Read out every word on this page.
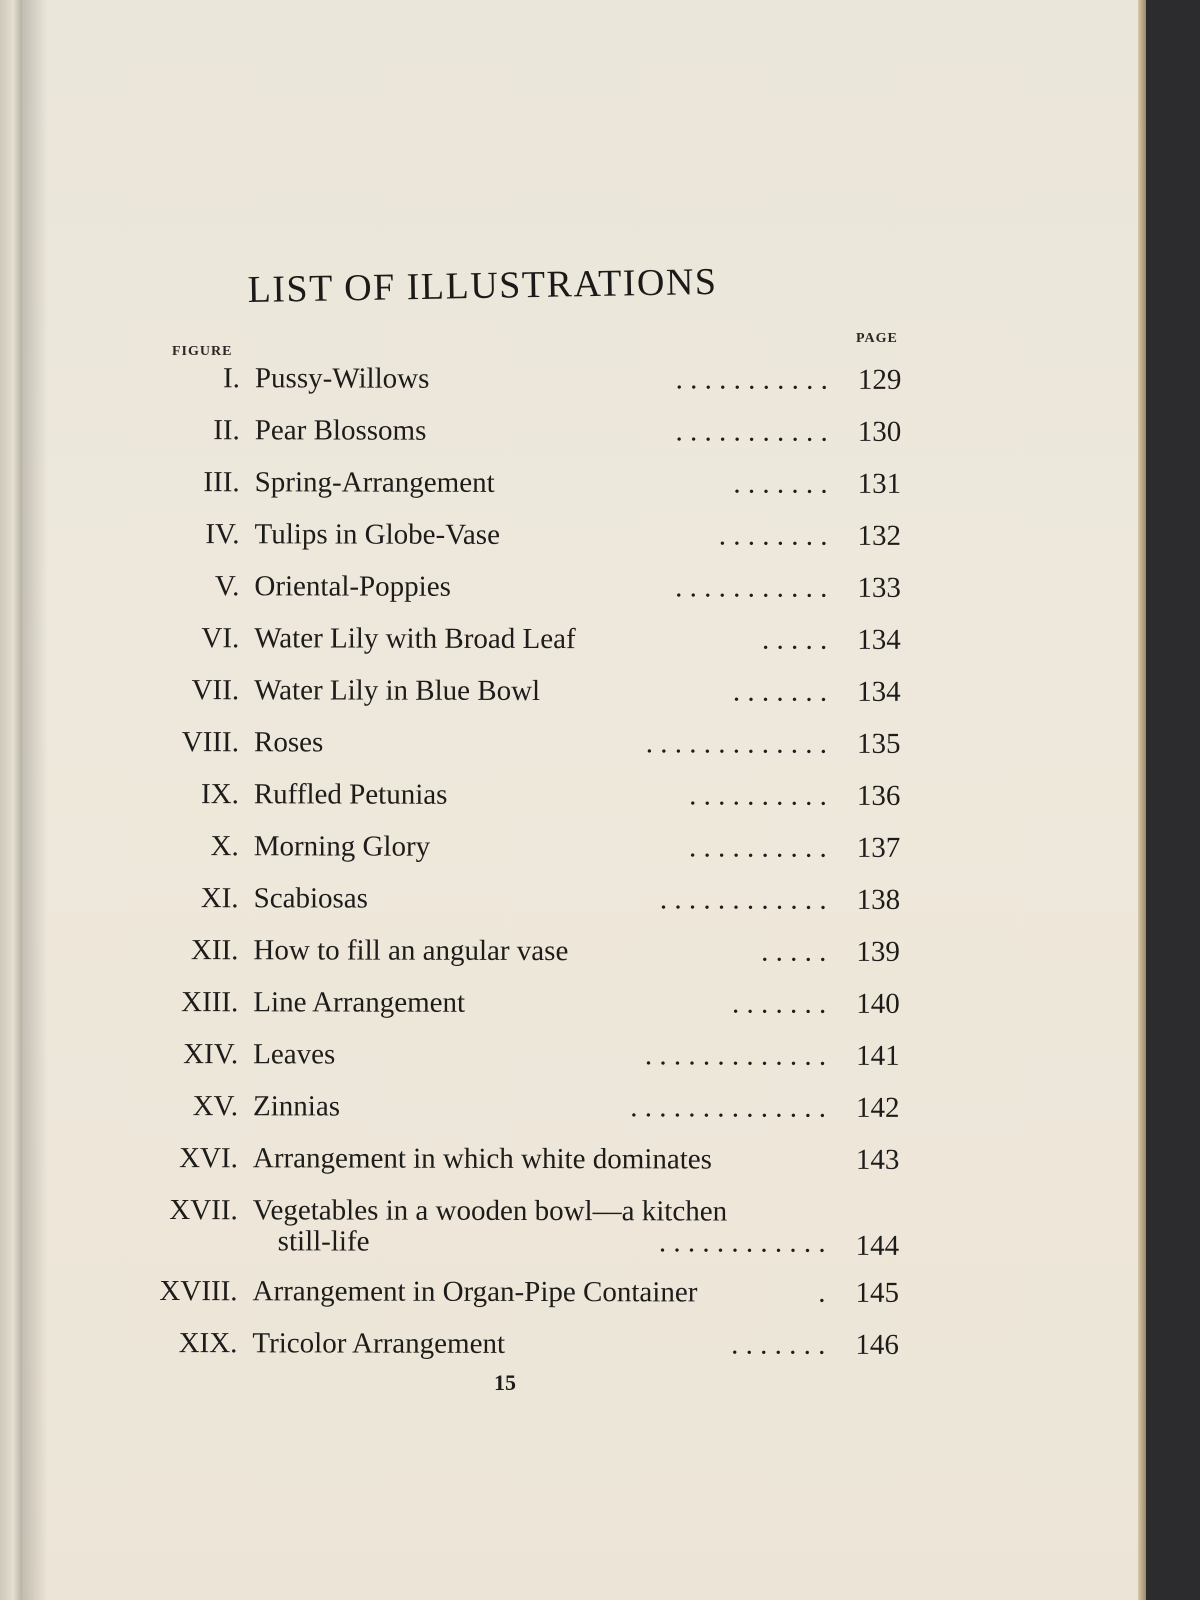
LIST OF ILLUSTRATIONS
FIGURE
PAGE
I. Pussy-Willows	. . . . . . . . . . . 129
II. Pear Blossoms	. . . . . . . . . . . 130
III. Spring-Arrangement	. . . . . . . 131
IV. Tulips in Globe-Vase	. . . . . . . . 132
V. Oriental-Poppies	. . . . . . . . . . . 133
VI. Water Lily with Broad Leaf	. . . . . 134
VII. Water Lily in Blue Bowl	. . . . . . . 134
VIII. Roses	. . . . . . . . . . . . . 135
IX. Ruffled Petunias	. . . . . . . . . . 136
X. Morning Glory	. . . . . . . . . . 137
XI. Scabiosas	. . . . . . . . . . . . 138
XII. How to fill an angular vase	. . . . . 139
XIII. Line Arrangement	. . . . . . . 140
XIV. Leaves	. . . . . . . . . . . . . 141
XV. Zinnias	. . . . . . . . . . . . . . 142
XVI. Arrangement in which white dominates	143
XVII. Vegetables in a wooden bowl—a kitchen
still-life	. . . . . . . . . . . . 144
XVIII. Arrangement in Organ-Pipe Container	. 145
XIX. Tricolor Arrangement	. . . . . . . 146
15
